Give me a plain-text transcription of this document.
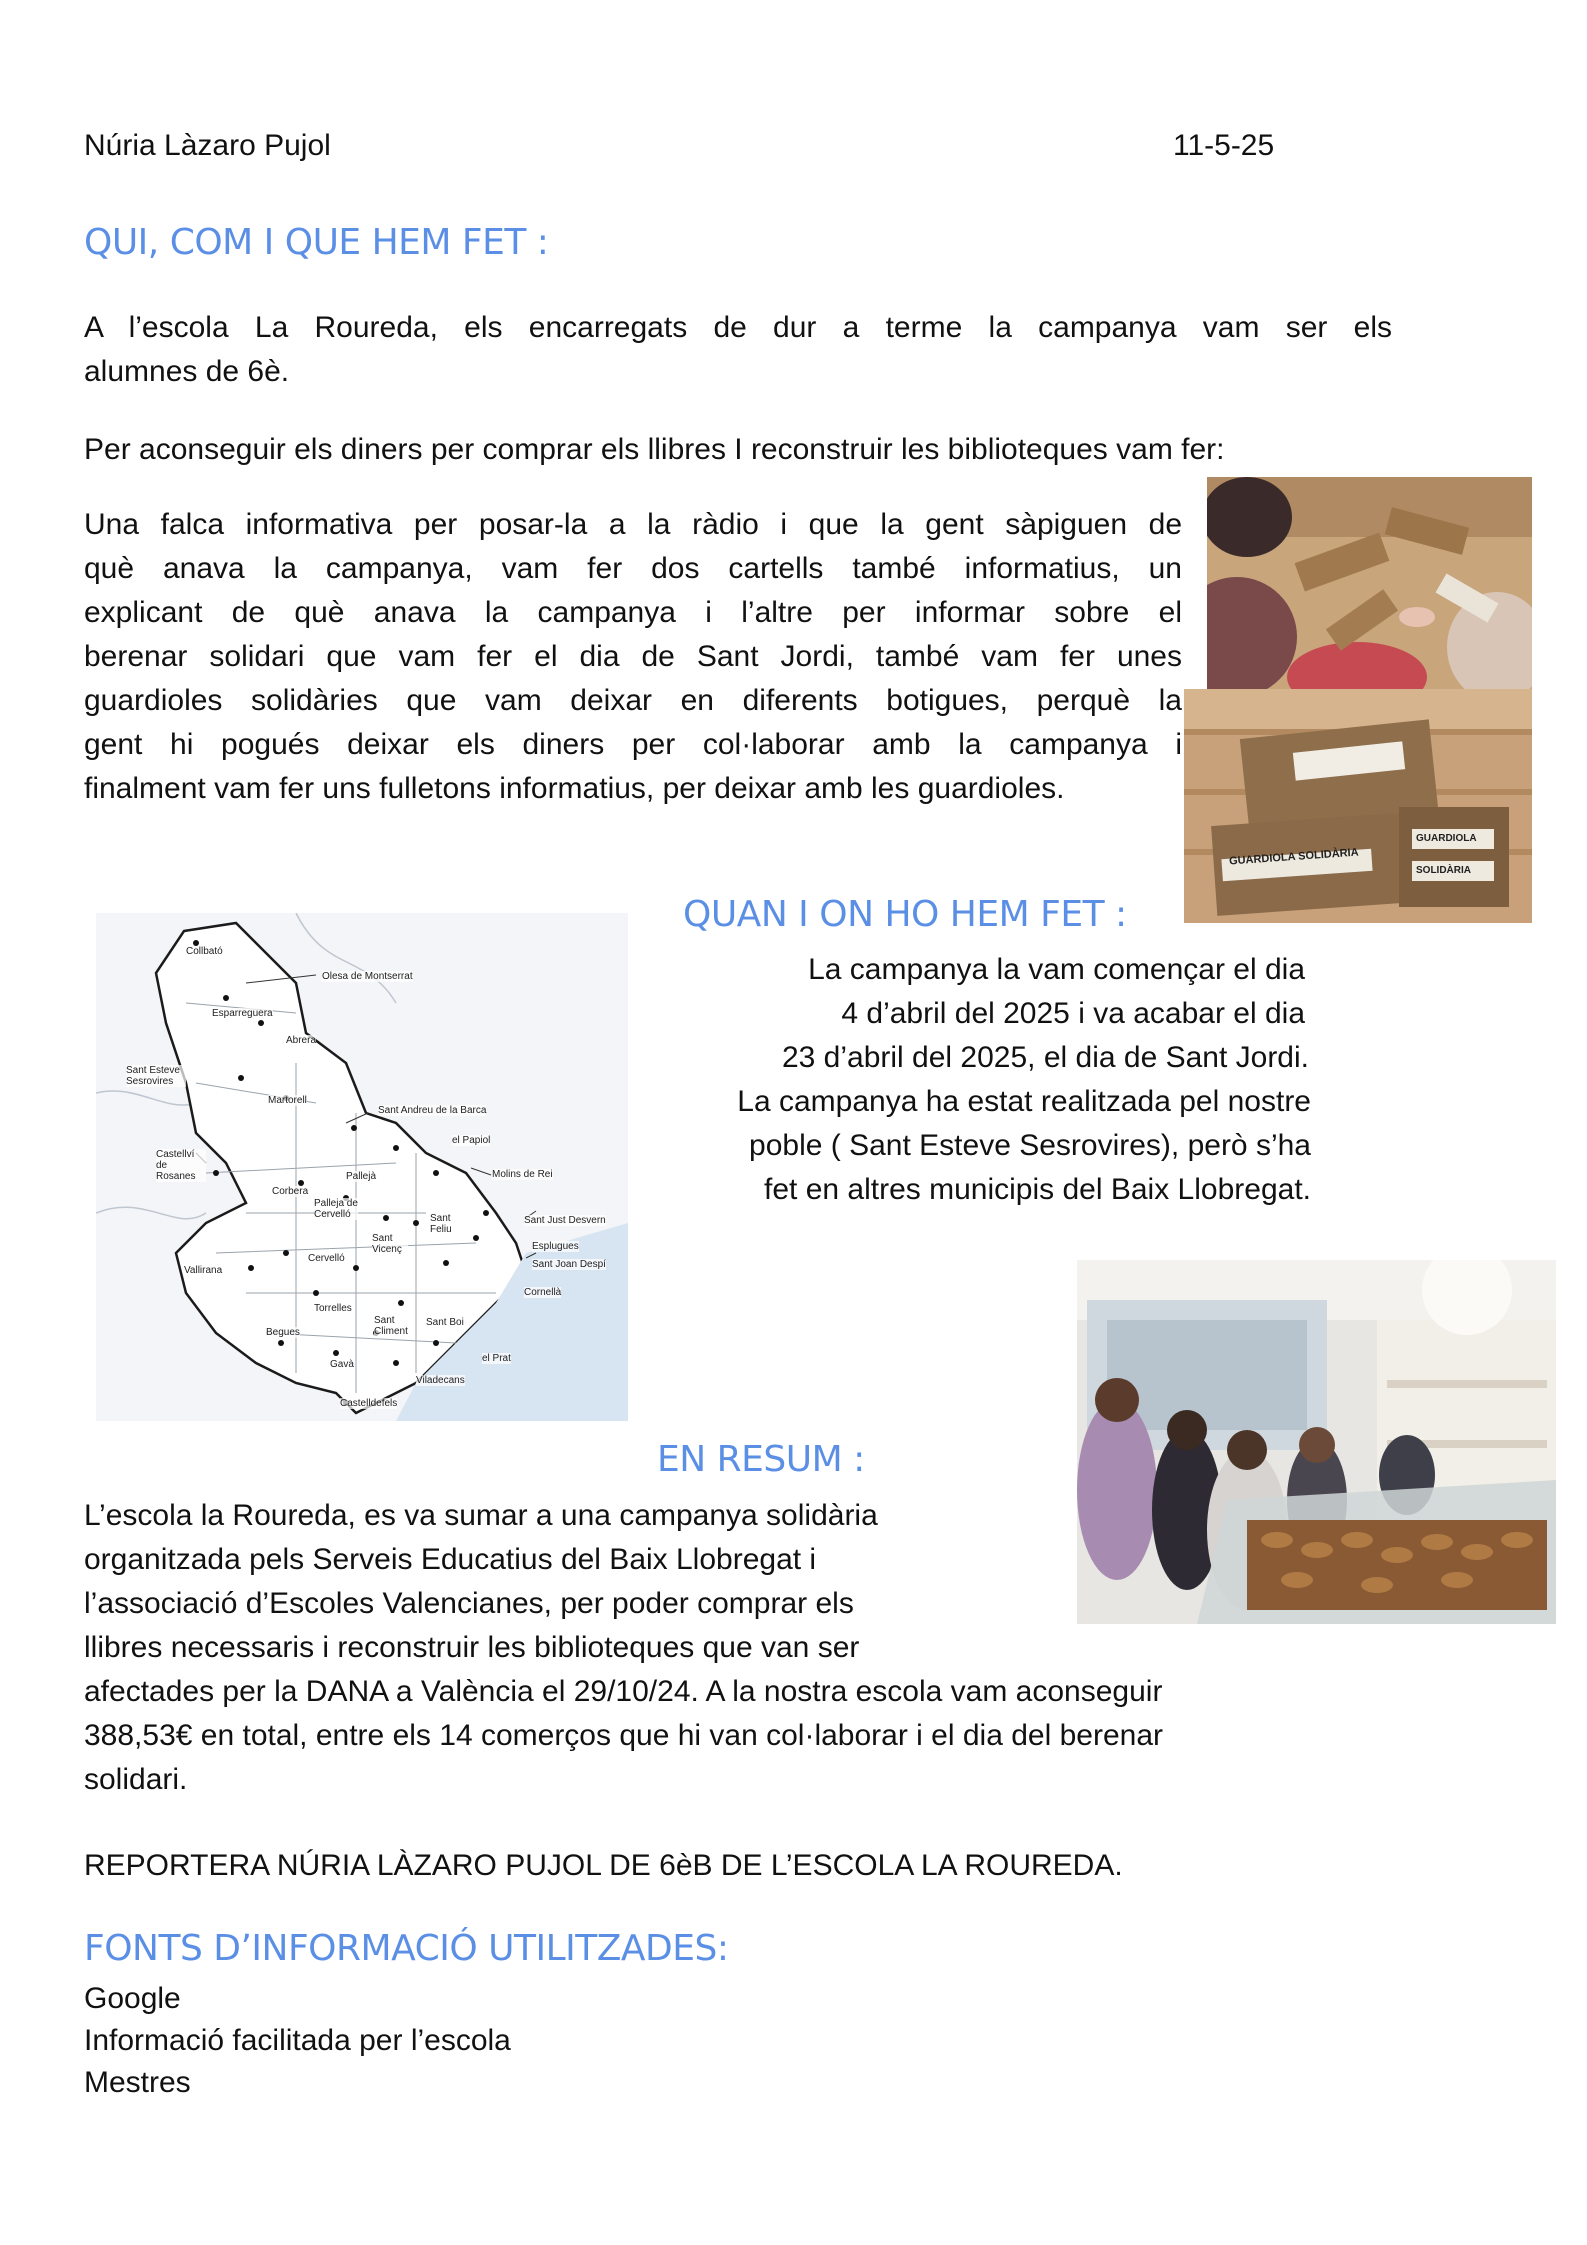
Núria Làzaro Pujol	11-5-25
QUI, COM I QUE HEM FET :
A l’escola La Roureda, els encarregats de dur a terme la campanya vam ser els
alumnes de 6è.
Per aconseguir els diners per comprar els llibres I reconstruir les biblioteques vam fer:
Una falca informativa per posar-la a la ràdio i que la gent sàpiguen de
què anava la campanya, vam fer dos cartells també informatius, un
explicant de què anava la campanya i l’altre per informar sobre el
berenar solidari que vam fer el dia de Sant Jordi, també vam fer unes
guardioles solidàries que vam deixar en diferents botigues, perquè la
gent hi pogués deixar els diners per col·laborar amb la campanya i
finalment vam fer uns fulletons informatius, per deixar amb les guardioles.
GUARDIOLA SOLIDÀRIA
GUARDIOLA
SOLIDÀRIA
QUAN I ON HO HEM FET :
La campanya la vam començar el dia
4 d’abril del 2025 i va acabar el dia
23 d’abril del 2025, el dia de Sant Jordi.
La campanya ha estat realitzada pel nostre
poble ( Sant Esteve Sesrovires), però s’ha
fet en altres municipis del Baix Llobregat.
Collbató
Olesa de Montserrat
Esparreguera
Abrera
Sant Esteve Sesrovires
Martorell
Sant Andreu de la Barca
el Papiol
Castellví de Rosanes	Pallejà	Molins de Rei
Corbera
Palleja de Cervelló
Sant Vicenç
Sant Feliu
Sant Just Desvern
Esplugues
Sant Joan Despí
Cervelló
Vallirana
Torrelles
Cornellà
Begues
Gavà
Sant Climent
Sant Boi
el Prat
Viladecans
Castelldefels
EN RESUM :
L’escola la Roureda, es va sumar a una campanya solidària
organitzada pels Serveis Educatius del Baix Llobregat i
l’associació d’Escoles Valencianes, per poder comprar els
llibres necessaris i reconstruir les biblioteques que van ser
afectades per la DANA a València el 29/10/24. A la nostra escola vam aconseguir
388,53€ en total, entre els 14 comerços que hi van col·laborar i el dia del berenar
solidari.
REPORTERA NÚRIA LÀZARO PUJOL DE 6èB DE L’ESCOLA LA ROUREDA.
FONTS D’INFORMACIÓ UTILITZADES:
Google
Informació facilitada per l’escola
Mestres
